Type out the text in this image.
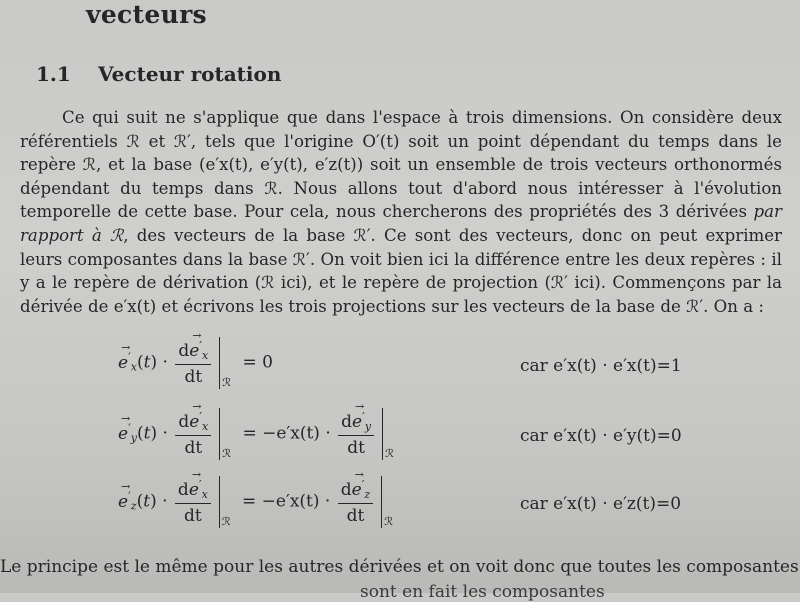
vecteurs
1.1 Vecteur rotation
Ce qui suit ne s'applique que dans l'espace à trois dimensions. On considère deux référentiels ℛ et ℛ′, tels que l'origine O′(t) soit un point dépendant du temps dans le repère ℛ, et la base (e′x(t), e′y(t), e′z(t)) soit un ensemble de trois vecteurs orthonormés dépendant du temps dans ℛ. Nous allons tout d'abord nous intéresser à l'évolution temporelle de cette base. Pour cela, nous chercherons des propriétés des 3 dérivées par rapport à ℛ, des vecteurs de la base ℛ′. Ce sont des vecteurs, donc on peut exprimer leurs composantes dans la base ℛ′. On voit bien ici la différence entre les deux repères : il y a le repère de dérivation (ℛ ici), et le repère de projection (ℛ′ ici). Commençons par la dérivée de e′x(t) et écrivons les trois projections sur les vecteurs de la base de ℛ′. On a :
→ $e'x(t) \cdot \frac{d\to e'x}{dt} _ℛ = 0$	car e′x(t) · e′x(t)=1
→ $e'y(t) \cdot \frac{d\to e'x}{dt} _ℛ = -e'x(t) \cdot \frac{d\to e'y}{dt} _ℛ$
car e′x(t) · e′y(t)=0
→ $e'z(t) \cdot \frac{d\to e'x}{dt} _ℛ = -e'x(t) \cdot \frac{d\to e'z}{dt} _ℛ$
car e′x(t) · e′z(t)=0
Le principe est le même pour les autres dérivées et on voit donc que toutes les composantes
sont en fait les composantes
